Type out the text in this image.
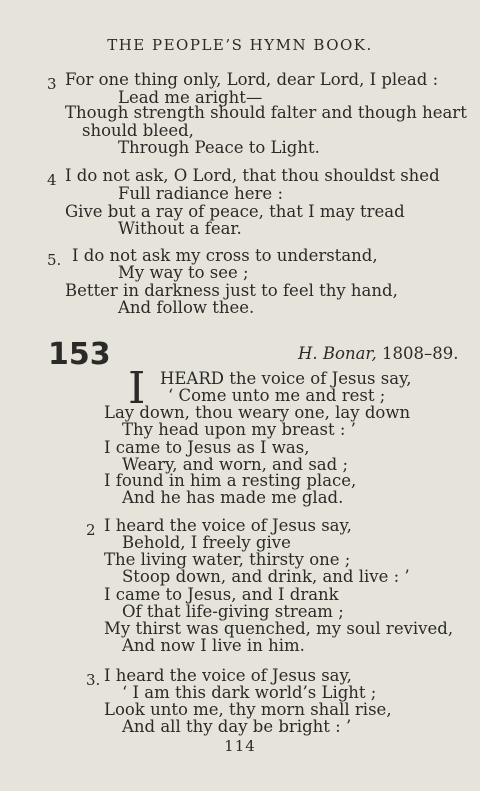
THE PEOPLE’S HYMN BOOK.
3 For one thing only, Lord, dear Lord, I plead :
Lead me aright—
Though strength should falter and though heart
should bleed,
Through Peace to Light.
4 I do not ask, O Lord, that thou shouldst shed
Full radiance here :
Give but a ray of peace, that I may tread
Without a fear.
5. I do not ask my cross to understand,
My way to see ;
Better in darkness just to feel thy hand,
And follow thee.
153	H. Bonar, 1808–89.
I HEARD the voice of Jesus say,
‘ Come unto me and rest ;
Lay down, thou weary one, lay down
Thy head upon my breast : ’
I came to Jesus as I was,
Weary, and worn, and sad ;
I found in him a resting place,
And he has made me glad.
2 I heard the voice of Jesus say,
Behold, I freely give
The living water, thirsty one ;
Stoop down, and drink, and live : ’
I came to Jesus, and I drank
Of that life-giving stream ;
My thirst was quenched, my soul revived,
And now I live in him.
3. I heard the voice of Jesus say,
‘ I am this dark world’s Light ;
Look unto me, thy morn shall rise,
And all thy day be bright : ’
114
